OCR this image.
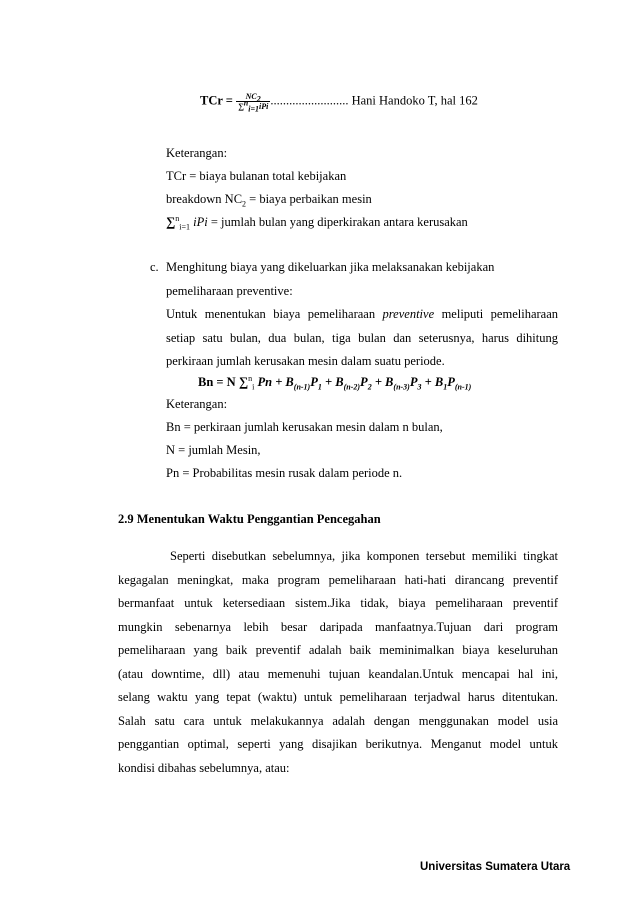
TCr = $\frac{NC_2}{\sum^n_{i=1}iPi}$ ......................... Hani Handoko T, hal 162
Keterangan:
TCr = biaya bulanan total kebijakan
breakdown $NC_2$ = biaya perbaikan mesin
∑$^n_{i=1}$ iPi = jumlah bulan yang diperkirakan antara kerusakan
c. Menghitung biaya yang dikeluarkan jika melaksanakan kebijakan
pemeliharaan preventive:
Untuk menentukan biaya pemeliharaan preventive meliputi pemeliharaan
setiap satu bulan, dua bulan, tiga bulan dan seterusnya, harus dihitung
perkiraan jumlah kerusakan mesin dalam suatu periode.
Bn = N ∑$^n_i$ $Pn + B_{(n-1)}P_1 + B_{(n-2)}P_2 + B_{(n-3)}P_3 + B_1P_{(n-1)}$
Keterangan:
Bn = perkiraan jumlah kerusakan mesin dalam n bulan,
N = jumlah Mesin,
Pn = Probabilitas mesin rusak dalam periode n.
2.9 Menentukan Waktu Penggantian Pencegahan
Seperti disebutkan sebelumnya, jika komponen tersebut memiliki tingkat
kegagalan meningkat, maka program pemeliharaan hati-hati dirancang preventif
bermanfaat untuk ketersediaan sistem.Jika tidak, biaya pemeliharaan preventif
mungkin sebenarnya lebih besar daripada manfaatnya.Tujuan dari program
pemeliharaan yang baik preventif adalah baik meminimalkan biaya keseluruhan
(atau downtime, dll) atau memenuhi tujuan keandalan.Untuk mencapai hal ini,
selang waktu yang tepat (waktu) untuk pemeliharaan terjadwal harus ditentukan.
Salah satu cara untuk melakukannya adalah dengan menggunakan model usia
penggantian optimal, seperti yang disajikan berikutnya. Menganut model untuk
kondisi dibahas sebelumnya, atau:
Universitas Sumatera Utara
